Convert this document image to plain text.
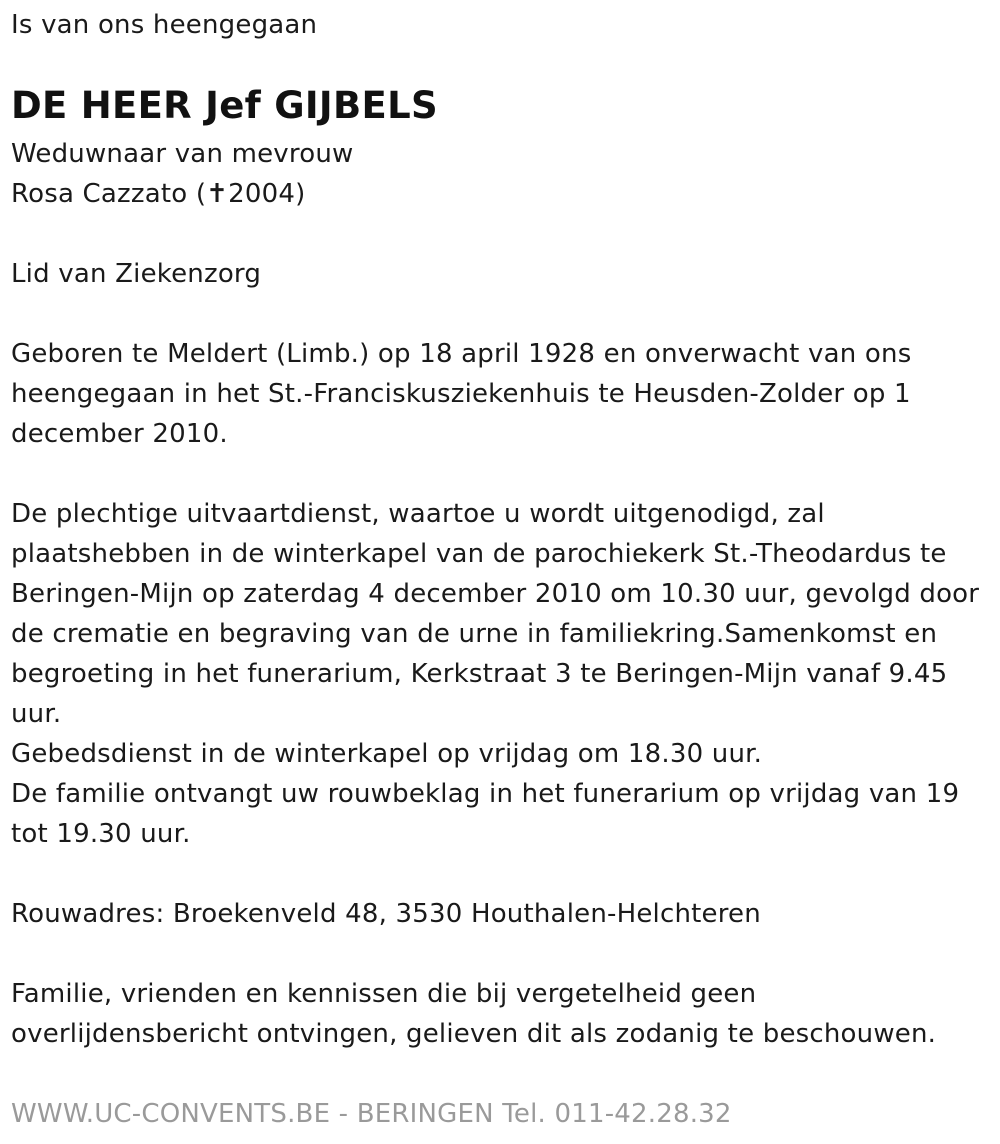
Is van ons heengegaan
DE HEER Jef GIJBELS
Weduwnaar van mevrouw
Rosa Cazzato (✝2004)
Lid van Ziekenzorg
Geboren te Meldert (Limb.) op 18 april 1928 en onverwacht van ons
heengegaan in het St.-Franciskusziekenhuis te Heusden-Zolder op 1
december 2010.
De plechtige uitvaartdienst, waartoe u wordt uitgenodigd, zal
plaatshebben in de winterkapel van de parochiekerk St.-Theodardus te
Beringen-Mijn op zaterdag 4 december 2010 om 10.30 uur, gevolgd door
de crematie en begraving van de urne in familiekring.Samenkomst en
begroeting in het funerarium, Kerkstraat 3 te Beringen-Mijn vanaf 9.45
uur.
Gebedsdienst in de winterkapel op vrijdag om 18.30 uur.
De familie ontvangt uw rouwbeklag in het funerarium op vrijdag van 19
tot 19.30 uur.
Rouwadres: Broekenveld 48, 3530 Houthalen-Helchteren
Familie, vrienden en kennissen die bij vergetelheid geen
overlijdensbericht ontvingen, gelieven dit als zodanig te beschouwen.
WWW.UC-CONVENTS.BE - BERINGEN Tel. 011-42.28.32
